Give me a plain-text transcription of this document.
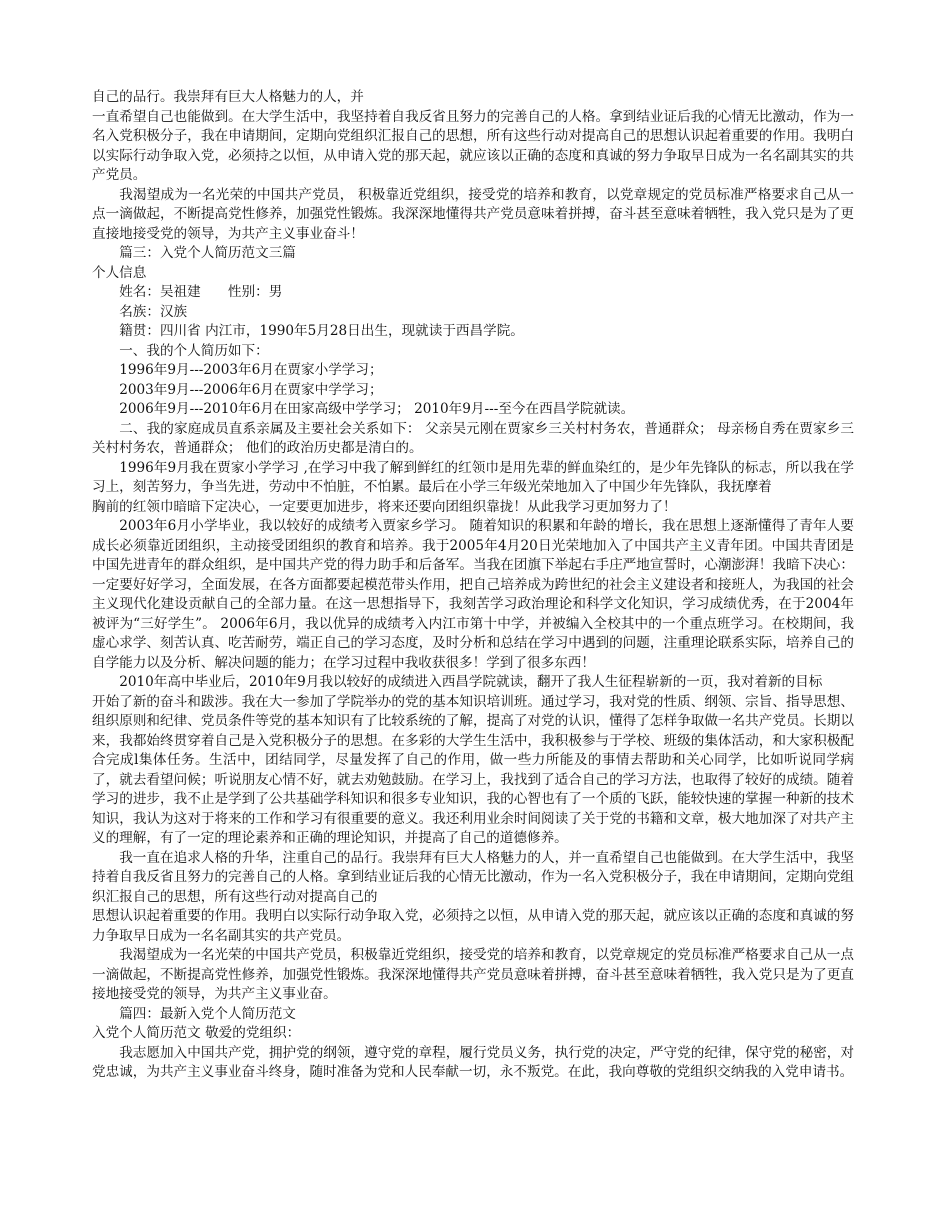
自己的品行。我崇拜有巨大人格魅力的人，并

一直希望自己也能做到。在大学生活中，我坚持着自我反省且努力的完善自己的人格。拿到结业证后我的心情无比激动，作为一名入党积极分子，我在申请期间，定期向党组织汇报自己的思想，所有这些行动对提高自己的思想认识起着重要的作用。我明白以实际行动争取入党，必须持之以恒，从申请入党的那天起，就应该以正确的态度和真诚的努力争取早日成为一名名副其实的共产党员。

我渴望成为一名光荣的中国共产党员， 积极靠近党组织，接受党的培养和教育，以党章规定的党员标准严格要求自己从一点一滴做起，不断提高党性修养，加强党性锻炼。我深深地懂得共产党员意味着拼搏，奋斗甚至意味着牺牲，我入党只是为了更直接地接受党的领导，为共产主义事业奋斗！

篇三：入党个人简历范文三篇

个人信息

姓名：吴祖建　　性别：男

名族：汉族

籍贯：四川省 内江市，1990年5月28日出生，现就读于西昌学院。

一、我的个人简历如下：

1996年9月---2003年6月在贾家小学学习；

2003年9月---2006年6月在贾家中学学习；

2006年9月---2010年6月在田家高级中学学习； 2010年9月---至今在西昌学院就读。

二、我的家庭成员直系亲属及主要社会关系如下： 父亲吴元刚在贾家乡三关村村务农，普通群众； 母亲杨自秀在贾家乡三关村村务农，普通群众； 他们的政治历史都是清白的。

1996年9月我在贾家小学学习 ,在学习中我了解到鲜红的红领巾是用先辈的鲜血染红的，是少年先锋队的标志，所以我在学习上，刻苦努力，争当先进，劳动中不怕脏，不怕累。最后在小学三年级光荣地加入了中国少年先锋队，我抚摩着

胸前的红领巾暗暗下定决心，一定要更加进步，将来还要向团组织靠拢！从此我学习更加努力了！

2003年6月小学毕业，我以较好的成绩考入贾家乡学习。 随着知识的积累和年龄的增长，我在思想上逐渐懂得了青年人要成长必须靠近团组织，主动接受团组织的教育和培养。我于2005年4月20日光荣地加入了中国共产主义青年团。中国共青团是中国先进青年的群众组织，是中国共产党的得力助手和后备军。当我在团旗下举起右手庄严地宣誓时，心潮澎湃！我暗下决心：一定要好好学习，全面发展，在各方面都要起模范带头作用，把自己培养成为跨世纪的社会主义建设者和接班人，为我国的社会主义现代化建设贡献自己的全部力量。在这一思想指导下，我刻苦学习政治理论和科学文化知识，学习成绩优秀，在于2004年被评为“三好学生”。 2006年6月，我以优异的成绩考入内江市第十中学，并被编入全校其中的一个重点班学习。在校期间，我虚心求学、刻苦认真、吃苦耐劳，端正自己的学习态度，及时分析和总结在学习中遇到的问题，注重理论联系实际，培养自己的自学能力以及分析、解决问题的能力；在学习过程中我收获很多！学到了很多东西！

2010年高中毕业后，2010年9月我以较好的成绩进入西昌学院就读，翻开了我人生征程崭新的一页，我对着新的目标

开始了新的奋斗和跋涉。我在大一参加了学院举办的党的基本知识培训班。通过学习，我对党的性质、纲领、宗旨、指导思想、组织原则和纪律、党员条件等党的基本知识有了比较系统的了解，提高了对党的认识，懂得了怎样争取做一名共产党员。长期以来，我都始终贯穿着自己是入党积极分子的思想。在多彩的大学生生活中，我积极参与于学校、班级的集体活动，和大家积极配合完成l集体任务。生活中，团结同学，尽量发挥了自己的作用，做一些力所能及的事情去帮助和关心同学，比如听说同学病了，就去看望问候；听说朋友心情不好，就去劝勉鼓励。在学习上，我找到了适合自己的学习方法，也取得了较好的成绩。随着学习的进步，我不止是学到了公共基础学科知识和很多专业知识，我的心智也有了一个质的飞跃，能较快速的掌握一种新的技术知识，我认为这对于将来的工作和学习有很重要的意义。我还利用业余时间阅读了关于党的书籍和文章，极大地加深了对共产主义的理解，有了一定的理论素养和正确的理论知识，并提高了自己的道德修养。

我一直在追求人格的升华，注重自己的品行。我崇拜有巨大人格魅力的人，并一直希望自己也能做到。在大学生活中，我坚持着自我反省且努力的完善自己的人格。拿到结业证后我的心情无比激动，作为一名入党积极分子，我在申请期间，定期向党组织汇报自己的思想，所有这些行动对提高自己的

思想认识起着重要的作用。我明白以实际行动争取入党，必须持之以恒，从申请入党的那天起，就应该以正确的态度和真诚的努力争取早日成为一名名副其实的共产党员。

我渴望成为一名光荣的中国共产党员，积极靠近党组织，接受党的培养和教育，以党章规定的党员标准严格要求自己从一点一滴做起，不断提高党性修养，加强党性锻炼。我深深地懂得共产党员意味着拼搏，奋斗甚至意味着牺牲，我入党只是为了更直接地接受党的领导，为共产主义事业奋。

篇四：最新入党个人简历范文

入党个人简历范文 敬爱的党组织：

我志愿加入中国共产党，拥护党的纲领，遵守党的章程，履行党员义务，执行党的决定，严守党的纪律，保守党的秘密，对党忠诚，为共产主义事业奋斗终身，随时准备为党和人民奉献一切，永不叛党。在此，我向尊敬的党组织交纳我的入党申请书。
